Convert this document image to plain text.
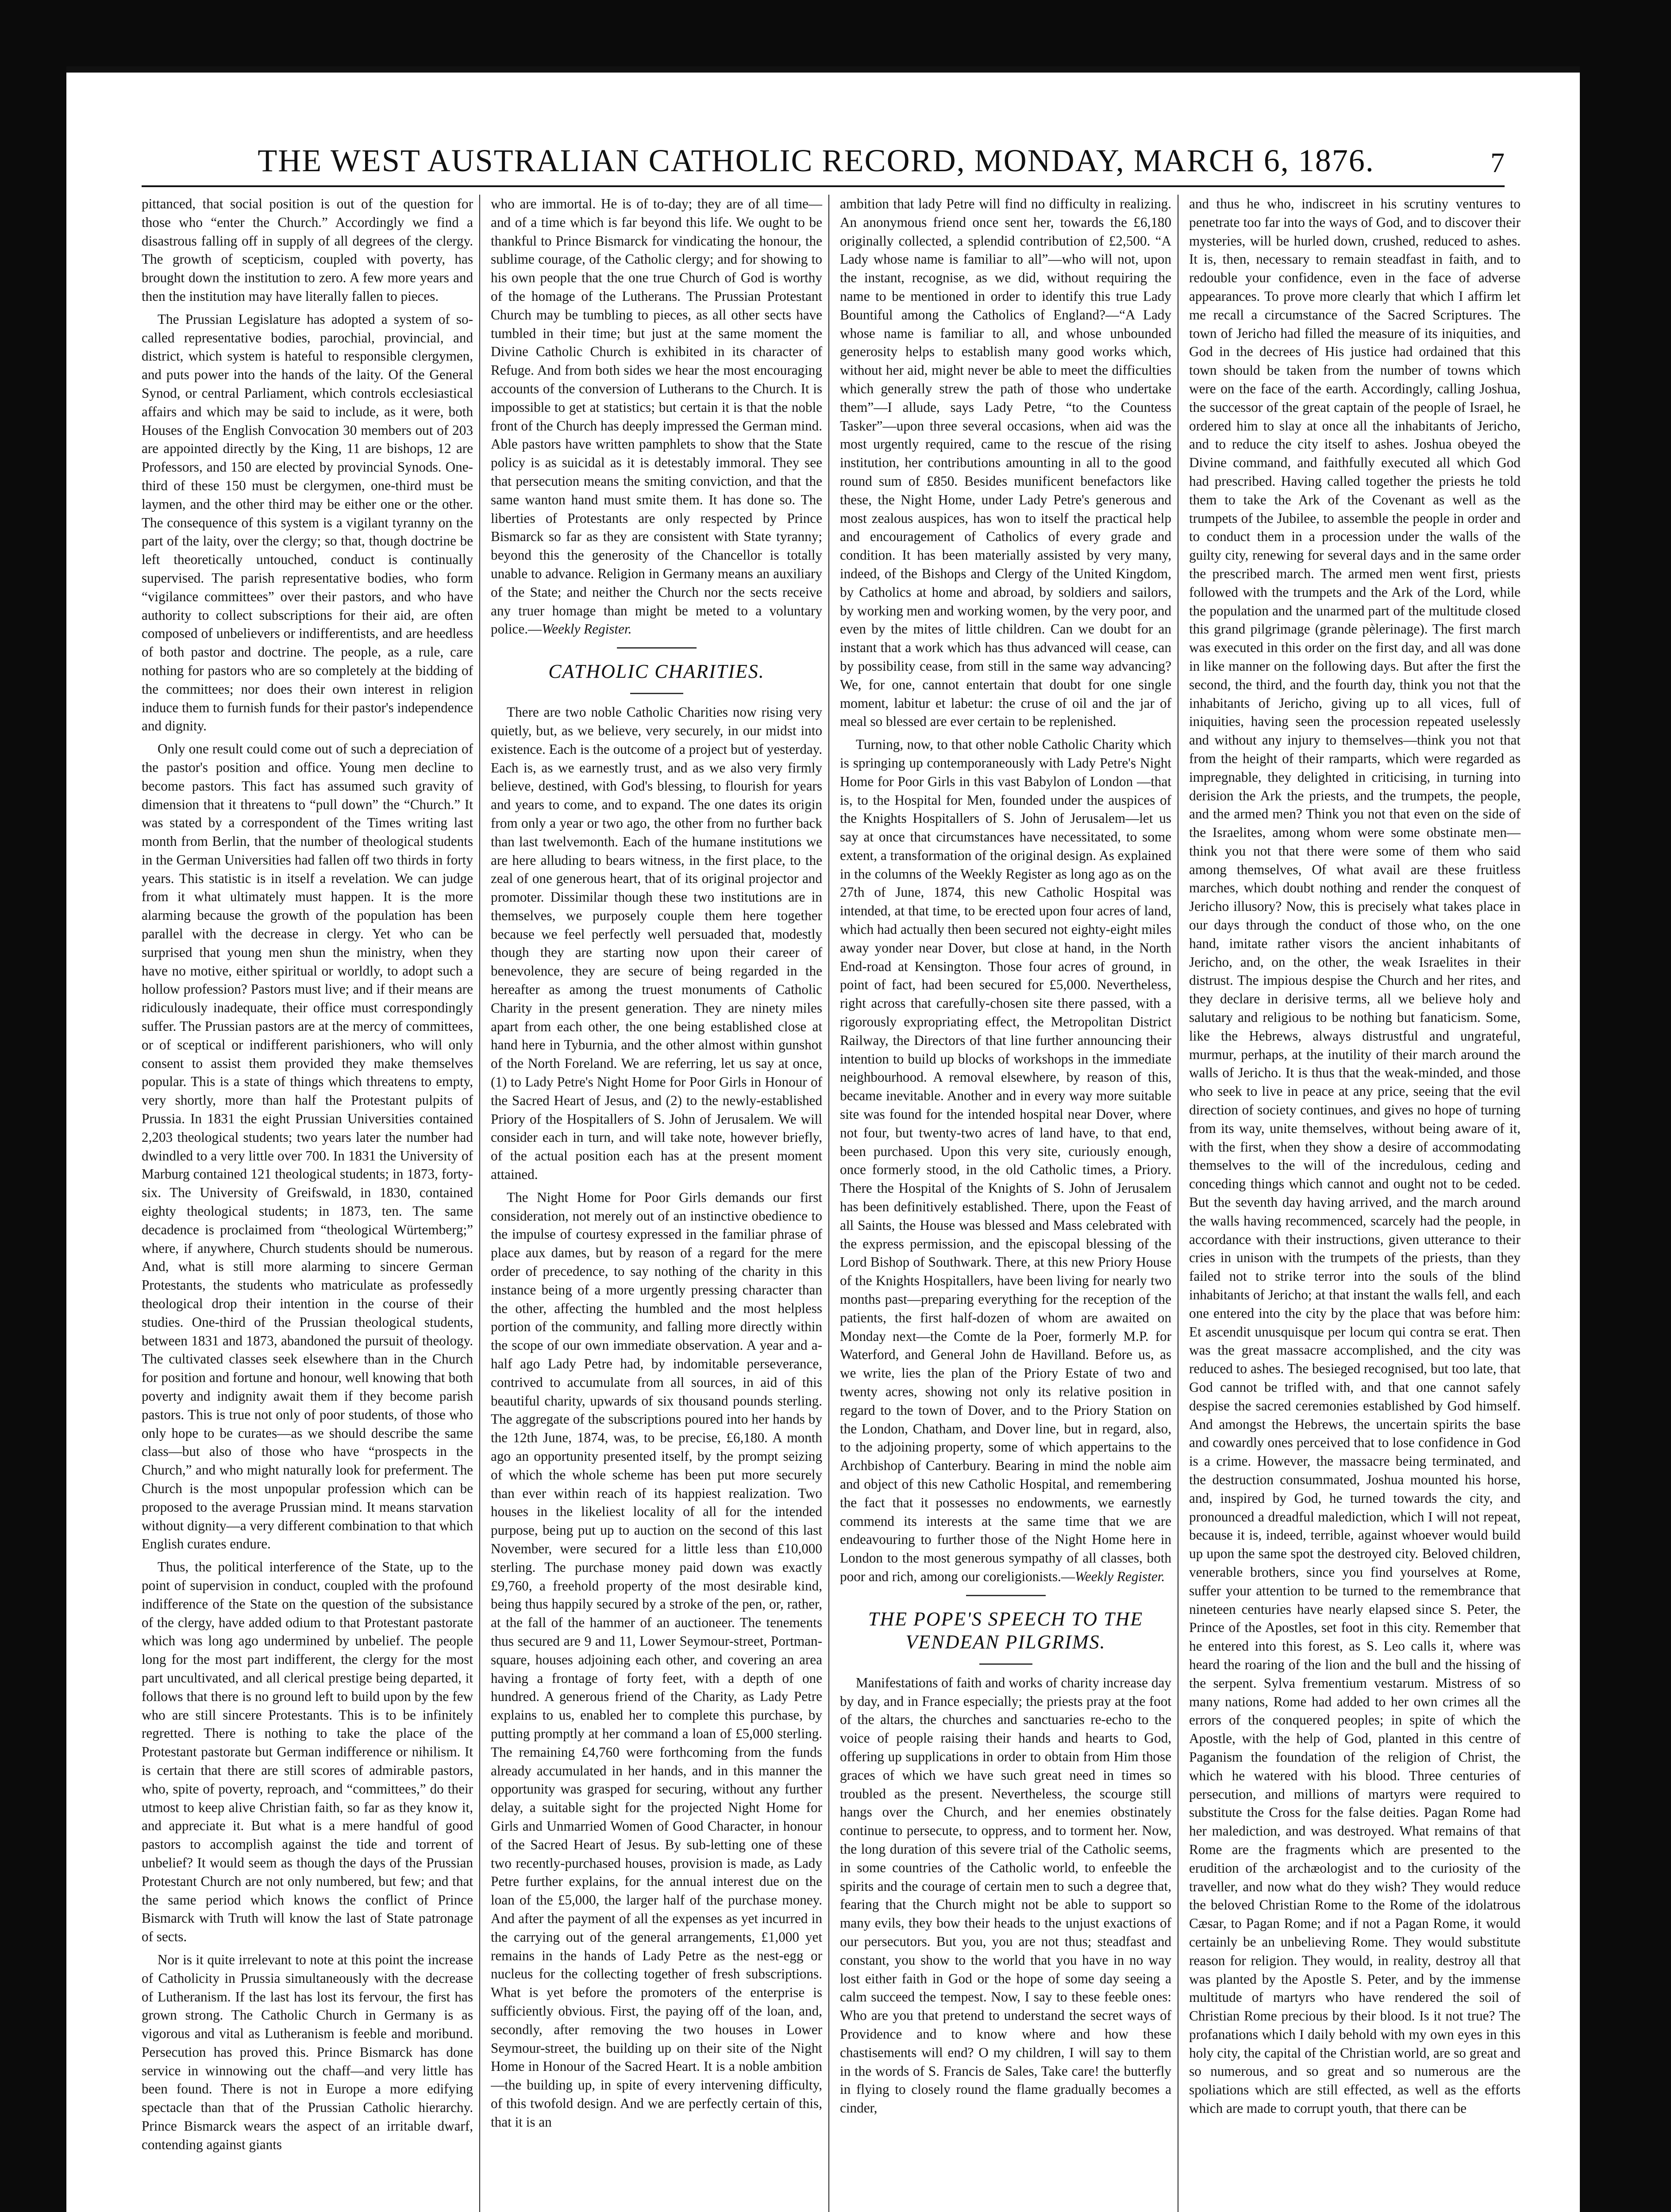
THE WEST AUSTRALIAN CATHOLIC RECORD, MONDAY, MARCH 6, 1876.	7

pittanced, that social position is out of the question for those who “enter the Church.” Accordingly we find a disastrous falling off in supply of all degrees of the clergy. The growth of scepticism, coupled with poverty, has brought down the institution to zero. A few more years and then the institution may have literally fallen to pieces.

The Prussian Legislature has adopted a system of so-called representative bodies, parochial, provincial, and district, which system is hateful to responsible clergymen, and puts power into the hands of the laity. Of the General Synod, or central Parliament, which controls ecclesiastical affairs and which may be said to include, as it were, both Houses of the English Convocation 30 members out of 203 are appointed directly by the King, 11 are bishops, 12 are Professors, and 150 are elected by provincial Synods. One-third of these 150 must be clergymen, one-third must be laymen, and the other third may be either one or the other. The consequence of this system is a vigilant tyranny on the part of the laity, over the clergy; so that, though doctrine be left theoretically untouched, conduct is continually supervised. The parish representative bodies, who form “vigilance committees” over their pastors, and who have authority to collect subscriptions for their aid, are often composed of unbelievers or indifferentists, and are heedless of both pastor and doctrine. The people, as a rule, care nothing for pastors who are so completely at the bidding of the committees; nor does their own interest in religion induce them to furnish funds for their pastor's independence and dignity.

Only one result could come out of such a depreciation of the pastor's position and office. Young men decline to become pastors. This fact has assumed such gravity of dimension that it threatens to “pull down” the “Church.” It was stated by a correspondent of the Times writing last month from Berlin, that the number of theological students in the German Universities had fallen off two thirds in forty years. This statistic is in itself a revelation. We can judge from it what ultimately must happen. It is the more alarming because the growth of the population has been parallel with the decrease in clergy. Yet who can be surprised that young men shun the ministry, when they have no motive, either spiritual or worldly, to adopt such a hollow profession? Pastors must live; and if their means are ridiculously inadequate, their office must correspondingly suffer. The Prussian pastors are at the mercy of committees, or of sceptical or indifferent parishioners, who will only consent to assist them provided they make themselves popular. This is a state of things which threatens to empty, very shortly, more than half the Protestant pulpits of Prussia. In 1831 the eight Prussian Universities contained 2,203 theological students; two years later the number had dwindled to a very little over 700. In 1831 the University of Marburg contained 121 theological students; in 1873, forty-six. The University of Greifswald, in 1830, contained eighty theological students; in 1873, ten. The same decadence is proclaimed from “theological Würtemberg;” where, if anywhere, Church students should be numerous. And, what is still more alarming to sincere German Protestants, the students who matriculate as professedly theological drop their intention in the course of their studies. One-third of the Prussian theological students, between 1831 and 1873, abandoned the pursuit of theology. The cultivated classes seek elsewhere than in the Church for position and fortune and honour, well knowing that both poverty and indignity await them if they become parish pastors. This is true not only of poor students, of those who only hope to be curates—as we should describe the same class—but also of those who have “prospects in the Church,” and who might naturally look for preferment. The Church is the most unpopular profession which can be proposed to the average Prussian mind. It means starvation without dignity—a very different combination to that which English curates endure.

Thus, the political interference of the State, up to the point of supervision in conduct, coupled with the profound indifference of the State on the question of the subsistance of the clergy, have added odium to that Protestant pastorate which was long ago undermined by unbelief. The people long for the most part indifferent, the clergy for the most part uncultivated, and all clerical prestige being departed, it follows that there is no ground left to build upon by the few who are still sincere Protestants. This is to be infinitely regretted. There is nothing to take the place of the Protestant pastorate but German indifference or nihilism. It is certain that there are still scores of admirable pastors, who, spite of poverty, reproach, and “committees,” do their utmost to keep alive Christian faith, so far as they know it, and appreciate it. But what is a mere handful of good pastors to accomplish against the tide and torrent of unbelief? It would seem as though the days of the Prussian Protestant Church are not only numbered, but few; and that the same period which knows the conflict of Prince Bismarck with Truth will know the last of State patronage of sects.

Nor is it quite irrelevant to note at this point the increase of Catholicity in Prussia simultaneously with the decrease of Lutheranism. If the last has lost its fervour, the first has grown strong. The Catholic Church in Germany is as vigorous and vital as Lutheranism is feeble and moribund. Persecution has proved this. Prince Bismarck has done service in winnowing out the chaff—and very little has been found. There is not in Europe a more edifying spectacle than that of the Prussian Catholic hierarchy. Prince Bismarck wears the aspect of an irritable dwarf, contending against giants

who are immortal. He is of to-day; they are of all time—and of a time which is far beyond this life. We ought to be thankful to Prince Bismarck for vindicating the honour, the sublime courage, of the Catholic clergy; and for showing to his own people that the one true Church of God is worthy of the homage of the Lutherans. The Prussian Protestant Church may be tumbling to pieces, as all other sects have tumbled in their time; but just at the same moment the Divine Catholic Church is exhibited in its character of Refuge. And from both sides we hear the most encouraging accounts of the conversion of Lutherans to the Church. It is impossible to get at statistics; but certain it is that the noble front of the Church has deeply impressed the German mind. Able pastors have written pamphlets to show that the State policy is as suicidal as it is detestably immoral. They see that persecution means the smiting conviction, and that the same wanton hand must smite them. It has done so. The liberties of Protestants are only respected by Prince Bismarck so far as they are consistent with State tyranny; beyond this the generosity of the Chancellor is totally unable to advance. Religion in Germany means an auxiliary of the State; and neither the Church nor the sects receive any truer homage than might be meted to a voluntary police.—Weekly Register.

CATHOLIC CHARITIES.

There are two noble Catholic Charities now rising very quietly, but, as we believe, very securely, in our midst into existence. Each is the outcome of a project but of yesterday. Each is, as we earnestly trust, and as we also very firmly believe, destined, with God's blessing, to flourish for years and years to come, and to expand. The one dates its origin from only a year or two ago, the other from no further back than last twelvemonth. Each of the humane institutions we are here alluding to bears witness, in the first place, to the zeal of one generous heart, that of its original projector and promoter. Dissimilar though these two institutions are in themselves, we purposely couple them here together because we feel perfectly well persuaded that, modestly though they are starting now upon their career of benevolence, they are secure of being regarded in the hereafter as among the truest monuments of Catholic Charity in the present generation. They are ninety miles apart from each other, the one being established close at hand here in Tyburnia, and the other almost within gunshot of the North Foreland. We are referring, let us say at once, (1) to Lady Petre's Night Home for Poor Girls in Honour of the Sacred Heart of Jesus, and (2) to the newly-established Priory of the Hospitallers of S. John of Jerusalem. We will consider each in turn, and will take note, however briefly, of the actual position each has at the present moment attained.

The Night Home for Poor Girls demands our first consideration, not merely out of an instinctive obedience to the impulse of courtesy expressed in the familiar phrase of place aux dames, but by reason of a regard for the mere order of precedence, to say nothing of the charity in this instance being of a more urgently pressing character than the other, affecting the humbled and the most helpless portion of the community, and falling more directly within the scope of our own immediate observation. A year and a-half ago Lady Petre had, by indomitable perseverance, contrived to accumulate from all sources, in aid of this beautiful charity, upwards of six thousand pounds sterling. The aggregate of the subscriptions poured into her hands by the 12th June, 1874, was, to be precise, £6,180. A month ago an opportunity presented itself, by the prompt seizing of which the whole scheme has been put more securely than ever within reach of its happiest realization. Two houses in the likeliest locality of all for the intended purpose, being put up to auction on the second of this last November, were secured for a little less than £10,000 sterling. The purchase money paid down was exactly £9,760, a freehold property of the most desirable kind, being thus happily secured by a stroke of the pen, or, rather, at the fall of the hammer of an auctioneer. The tenements thus secured are 9 and 11, Lower Seymour-street, Portman-square, houses adjoining each other, and covering an area having a frontage of forty feet, with a depth of one hundred. A generous friend of the Charity, as Lady Petre explains to us, enabled her to complete this purchase, by putting promptly at her command a loan of £5,000 sterling. The remaining £4,760 were forthcoming from the funds already accumulated in her hands, and in this manner the opportunity was grasped for securing, without any further delay, a suitable sight for the projected Night Home for Girls and Unmarried Women of Good Character, in honour of the Sacred Heart of Jesus. By sub-letting one of these two recently-purchased houses, provision is made, as Lady Petre further explains, for the annual interest due on the loan of the £5,000, the larger half of the purchase money. And after the payment of all the expenses as yet incurred in the carrying out of the general arrangements, £1,000 yet remains in the hands of Lady Petre as the nest-egg or nucleus for the collecting together of fresh subscriptions. What is yet before the promoters of the enterprise is sufficiently obvious. First, the paying off of the loan, and, secondly, after removing the two houses in Lower Seymour-street, the building up on their site of the Night Home in Honour of the Sacred Heart. It is a noble ambition—the building up, in spite of every intervening difficulty, of this twofold design. And we are perfectly certain of this, that it is an

ambition that lady Petre will find no difficulty in realizing. An anonymous friend once sent her, towards the £6,180 originally collected, a splendid contribution of £2,500. “A Lady whose name is familiar to all”—who will not, upon the instant, recognise, as we did, without requiring the name to be mentioned in order to identify this true Lady Bountiful among the Catholics of England?—“A Lady whose name is familiar to all, and whose unbounded generosity helps to establish many good works which, without her aid, might never be able to meet the difficulties which generally strew the path of those who undertake them”—I allude, says Lady Petre, “to the Countess Tasker”—upon three several occasions, when aid was the most urgently required, came to the rescue of the rising institution, her contributions amounting in all to the good round sum of £850. Besides munificent benefactors like these, the Night Home, under Lady Petre's generous and most zealous auspices, has won to itself the practical help and encouragement of Catholics of every grade and condition. It has been materially assisted by very many, indeed, of the Bishops and Clergy of the United Kingdom, by Catholics at home and abroad, by soldiers and sailors, by working men and working women, by the very poor, and even by the mites of little children. Can we doubt for an instant that a work which has thus advanced will cease, can by possibility cease, from still in the same way advancing? We, for one, cannot entertain that doubt for one single moment, labitur et labetur: the cruse of oil and the jar of meal so blessed are ever certain to be replenished.

Turning, now, to that other noble Catholic Charity which is springing up contemporaneously with Lady Petre's Night Home for Poor Girls in this vast Babylon of London —that is, to the Hospital for Men, founded under the auspices of the Knights Hospitallers of S. John of Jerusalem—let us say at once that circumstances have necessitated, to some extent, a transformation of the original design. As explained in the columns of the Weekly Register as long ago as on the 27th of June, 1874, this new Catholic Hospital was intended, at that time, to be erected upon four acres of land, which had actually then been secured not eighty-eight miles away yonder near Dover, but close at hand, in the North End-road at Kensington. Those four acres of ground, in point of fact, had been secured for £5,000. Nevertheless, right across that carefully-chosen site there passed, with a rigorously expropriating effect, the Metropolitan District Railway, the Directors of that line further announcing their intention to build up blocks of workshops in the immediate neighbourhood. A removal elsewhere, by reason of this, became inevitable. Another and in every way more suitable site was found for the intended hospital near Dover, where not four, but twenty-two acres of land have, to that end, been purchased. Upon this very site, curiously enough, once formerly stood, in the old Catholic times, a Priory. There the Hospital of the Knights of S. John of Jerusalem has been definitively established. There, upon the Feast of all Saints, the House was blessed and Mass celebrated with the express permission, and the episcopal blessing of the Lord Bishop of Southwark. There, at this new Priory House of the Knights Hospitallers, have been living for nearly two months past—preparing everything for the reception of the patients, the first half-dozen of whom are awaited on Monday next—the Comte de la Poer, formerly M.P. for Waterford, and General John de Havilland. Before us, as we write, lies the plan of the Priory Estate of two and twenty acres, showing not only its relative position in regard to the town of Dover, and to the Priory Station on the London, Chatham, and Dover line, but in regard, also, to the adjoining property, some of which appertains to the Archbishop of Canterbury. Bearing in mind the noble aim and object of this new Catholic Hospital, and remembering the fact that it possesses no endowments, we earnestly commend its interests at the same time that we are endeavouring to further those of the Night Home here in London to the most generous sympathy of all classes, both poor and rich, among our coreligionists.—Weekly Register.

THE POPE'S SPEECH TO THE
VENDEAN PILGRIMS.

Manifestations of faith and works of charity increase day by day, and in France especially; the priests pray at the foot of the altars, the churches and sanctuaries re-echo to the voice of people raising their hands and hearts to God, offering up supplications in order to obtain from Him those graces of which we have such great need in times so troubled as the present. Nevertheless, the scourge still hangs over the Church, and her enemies obstinately continue to persecute, to oppress, and to torment her. Now, the long duration of this severe trial of the Catholic seems, in some countries of the Catholic world, to enfeeble the spirits and the courage of certain men to such a degree that, fearing that the Church might not be able to support so many evils, they bow their heads to the unjust exactions of our persecutors. But you, you are not thus; steadfast and constant, you show to the world that you have in no way lost either faith in God or the hope of some day seeing a calm succeed the tempest. Now, I say to these feeble ones: Who are you that pretend to understand the secret ways of Providence and to know where and how these chastisements will end? O my children, I will say to them in the words of S. Francis de Sales, Take care! the butterfly in flying to closely round the flame gradually becomes a cinder,

and thus he who, indiscreet in his scrutiny ventures to penetrate too far into the ways of God, and to discover their mysteries, will be hurled down, crushed, reduced to ashes. It is, then, necessary to remain steadfast in faith, and to redouble your confidence, even in the face of adverse appearances. To prove more clearly that which I affirm let me recall a circumstance of the Sacred Scriptures. The town of Jericho had filled the measure of its iniquities, and God in the decrees of His justice had ordained that this town should be taken from the number of towns which were on the face of the earth. Accordingly, calling Joshua, the successor of the great captain of the people of Israel, he ordered him to slay at once all the inhabitants of Jericho, and to reduce the city itself to ashes. Joshua obeyed the Divine command, and faithfully executed all which God had prescribed. Having called together the priests he told them to take the Ark of the Covenant as well as the trumpets of the Jubilee, to assemble the people in order and to conduct them in a procession under the walls of the guilty city, renewing for several days and in the same order the prescribed march. The armed men went first, priests followed with the trumpets and the Ark of the Lord, while the population and the unarmed part of the multitude closed this grand pilgrimage (grande pèlerinage). The first march was executed in this order on the first day, and all was done in like manner on the following days. But after the first the second, the third, and the fourth day, think you not that the inhabitants of Jericho, giving up to all vices, full of iniquities, having seen the procession repeated uselessly and without any injury to themselves—think you not that from the height of their ramparts, which were regarded as impregnable, they delighted in criticising, in turning into derision the Ark the priests, and the trumpets, the people, and the armed men? Think you not that even on the side of the Israelites, among whom were some obstinate men—think you not that there were some of them who said among themselves, Of what avail are these fruitless marches, which doubt nothing and render the conquest of Jericho illusory? Now, this is precisely what takes place in our days through the conduct of those who, on the one hand, imitate rather visors the ancient inhabitants of Jericho, and, on the other, the weak Israelites in their distrust. The impious despise the Church and her rites, and they declare in derisive terms, all we believe holy and salutary and religious to be nothing but fanaticism. Some, like the Hebrews, always distrustful and ungrateful, murmur, perhaps, at the inutility of their march around the walls of Jericho. It is thus that the weak-minded, and those who seek to live in peace at any price, seeing that the evil direction of society continues, and gives no hope of turning from its way, unite themselves, without being aware of it, with the first, when they show a desire of accommodating themselves to the will of the incredulous, ceding and conceding things which cannot and ought not to be ceded. But the seventh day having arrived, and the march around the walls having recommenced, scarcely had the people, in accordance with their instructions, given utterance to their cries in unison with the trumpets of the priests, than they failed not to strike terror into the souls of the blind inhabitants of Jericho; at that instant the walls fell, and each one entered into the city by the place that was before him: Et ascendit unusquisque per locum qui contra se erat. Then was the great massacre accomplished, and the city was reduced to ashes. The besieged recognised, but too late, that God cannot be trifled with, and that one cannot safely despise the sacred ceremonies established by God himself. And amongst the Hebrews, the uncertain spirits the base and cowardly ones perceived that to lose confidence in God is a crime. However, the massacre being terminated, and the destruction consummated, Joshua mounted his horse, and, inspired by God, he turned towards the city, and pronounced a dreadful malediction, which I will not repeat, because it is, indeed, terrible, against whoever would build up upon the same spot the destroyed city. Beloved children, venerable brothers, since you find yourselves at Rome, suffer your attention to be turned to the remembrance that nineteen centuries have nearly elapsed since S. Peter, the Prince of the Apostles, set foot in this city. Remember that he entered into this forest, as S. Leo calls it, where was heard the roaring of the lion and the bull and the hissing of the serpent. Sylva frementium vestarum. Mistress of so many nations, Rome had added to her own crimes all the errors of the conquered peoples; in spite of which the Apostle, with the help of God, planted in this centre of Paganism the foundation of the religion of Christ, the which he watered with his blood. Three centuries of persecution, and millions of martyrs were required to substitute the Cross for the false deities. Pagan Rome had her malediction, and was destroyed. What remains of that Rome are the fragments which are presented to the erudition of the archæologist and to the curiosity of the traveller, and now what do they wish? They would reduce the beloved Christian Rome to the Rome of the idolatrous Cæsar, to Pagan Rome; and if not a Pagan Rome, it would certainly be an unbelieving Rome. They would substitute reason for religion. They would, in reality, destroy all that was planted by the Apostle S. Peter, and by the immense multitude of martyrs who have rendered the soil of Christian Rome precious by their blood. Is it not true? The profanations which I daily behold with my own eyes in this holy city, the capital of the Christian world, are so great and so numerous, and so great and so numerous are the spoliations which are still effected, as well as the efforts which are made to corrupt youth, that there can be
